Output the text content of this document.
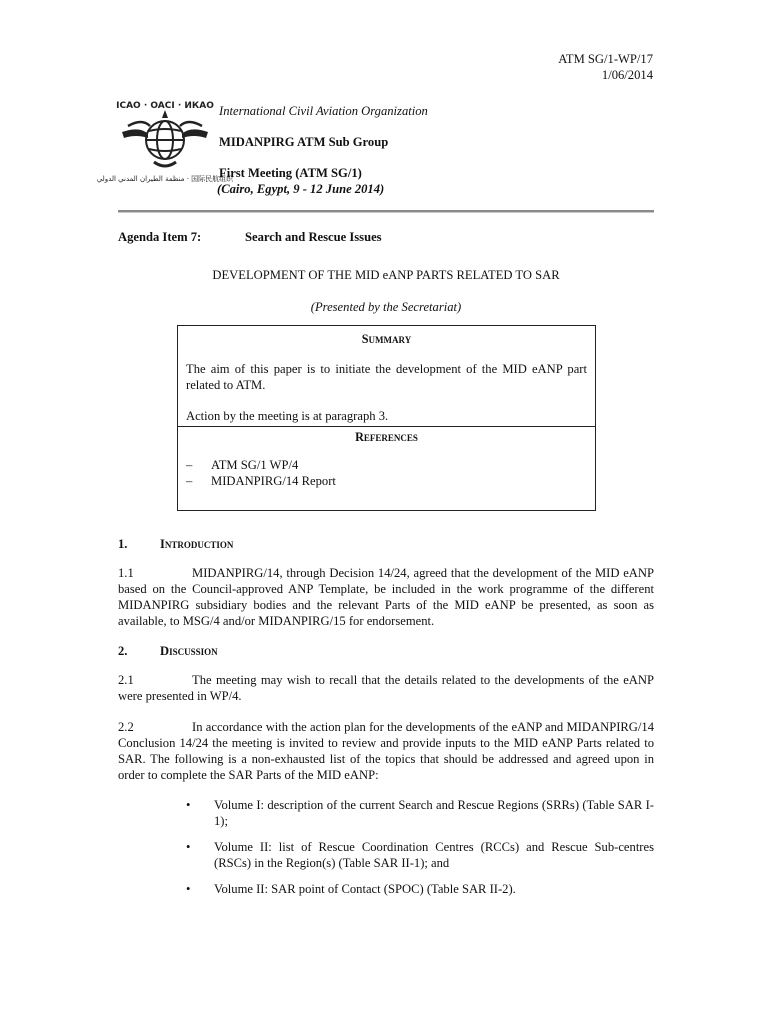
ATM SG/1-WP/17
1/06/2014
ICAO · OACI · ИКАО
منظمة الطيران المدني الدولي · 国际民航组织
International Civil Aviation Organization
MIDANPIRG ATM Sub Group
First Meeting (ATM SG/1)
(Cairo, Egypt, 9 - 12 June 2014)
Agenda Item 7:	Search and Rescue Issues
DEVELOPMENT OF THE MID eANP PARTS RELATED TO SAR
(Presented by the Secretariat)
Summary
The aim of this paper is to initiate the development of the MID eANP part related to ATM.
Action by the meeting is at paragraph 3.
References
– ATM SG/1 WP/4
– MIDANPIRG/14 Report
1.	Introduction
1.1	MIDANPIRG/14, through Decision 14/24, agreed that the development of the MID eANP based on the Council-approved ANP Template, be included in the work programme of the different MIDANPIRG subsidiary bodies and the relevant Parts of the MID eANP be presented, as soon as available, to MSG/4 and/or MIDANPIRG/15 for endorsement.
2.	Discussion
2.1	The meeting may wish to recall that the details related to the developments of the eANP were presented in WP/4.
2.2	In accordance with the action plan for the developments of the eANP and MIDANPIRG/14 Conclusion 14/24 the meeting is invited to review and provide inputs to the MID eANP Parts related to SAR. The following is a non-exhausted list of the topics that should be addressed and agreed upon in order to complete the SAR Parts of the MID eANP:
• Volume I: description of the current Search and Rescue Regions (SRRs) (Table SAR I-1);
• Volume II: list of Rescue Coordination Centres (RCCs) and Rescue Sub-centres (RSCs) in the Region(s) (Table SAR II-1); and
• Volume II: SAR point of Contact (SPOC) (Table SAR II-2).
